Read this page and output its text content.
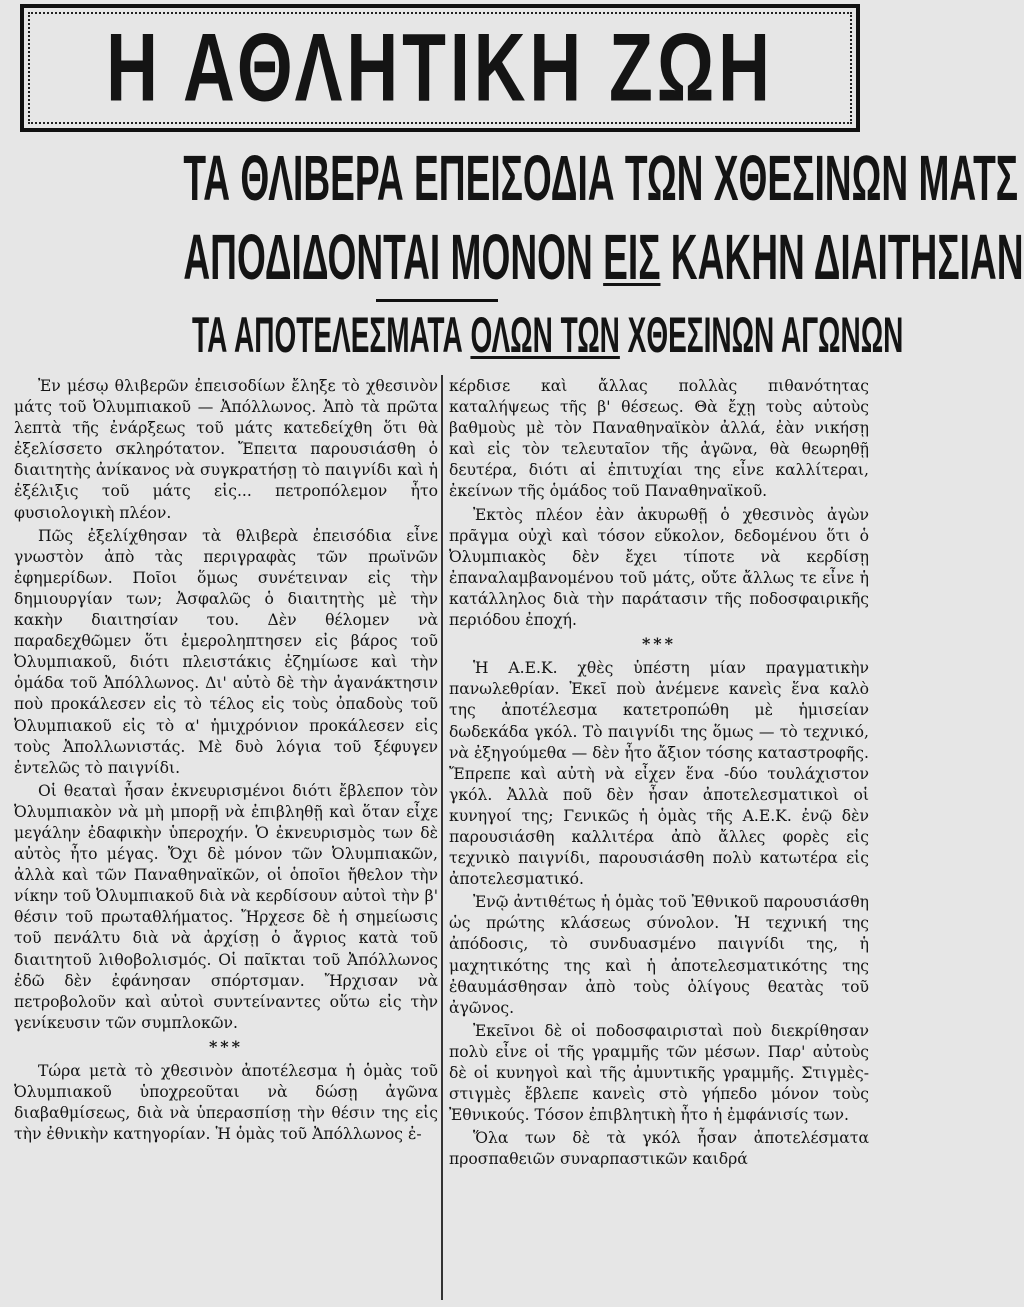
Η ΑΘΛΗΤΙΚΗ ΖΩΗ
ΤΑ ΘΛΙΒΕΡΑ ΕΠΕΙΣΟΔΙΑ ΤΩΝ ΧΘΕΣΙΝΩΝ ΜΑΤΣ
ΑΠΟΔΙΔΟΝΤΑΙ ΜΟΝΟΝ ΕΙΣ ΚΑΚΗΝ ΔΙΑΙΤΗΣΙΑΝ
ΤΑ ΑΠΟΤΕΛΕΣΜΑΤΑ ΟΛΩΝ ΤΩΝ ΧΘΕΣΙΝΩΝ ΑΓΩΝΩΝ

Ἐν μέσῳ θλιβερῶν ἐπεισοδίων ἔληξε τὸ χθεσινὸν μάτς τοῦ Ὀλυμπιακοῦ — Ἀπόλλωνος. Ἀπὸ τὰ πρῶτα λεπτὰ τῆς ἐνάρξεως τοῦ μάτς κατεδείχθη ὅτι θὰ ἐξελίσσετο σκληρότατον. Ἔπειτα παρουσιάσθη ὁ διαιτητὴς ἀνίκανος νὰ συγκρατήσῃ τὸ παιγνίδι καὶ ἡ ἐξέλιξις τοῦ μάτς εἰς... πετροπόλεμον ἦτο φυσιολογικὴ πλέον.

Πῶς ἐξελίχθησαν τὰ θλιβερὰ ἐπεισόδια εἶνε γνωστὸν ἀπὸ τὰς περιγραφὰς τῶν πρωϊνῶν ἐφημερίδων. Ποῖοι ὅμως συνέτειναν εἰς τὴν δημιουργίαν των; Ἀσφαλῶς ὁ διαιτητὴς μὲ τὴν κακὴν διαιτησίαν του. Δὲν θέλομεν νὰ παραδεχθῶμεν ὅτι ἐμεροληπτησεν εἰς βάρος τοῦ Ὀλυμπιακοῦ, διότι πλειστάκις ἐζημίωσε καὶ τὴν ὁμάδα τοῦ Ἀπόλλωνος. Δι' αὐτὸ δὲ τὴν ἀγανάκτησιν ποὺ προκάλεσεν εἰς τὸ τέλος εἰς τοὺς ὀπαδοὺς τοῦ Ὀλυμπιακοῦ εἰς τὸ α' ἡμιχρόνιον προκάλεσεν εἰς τοὺς Ἀπολλωνιστάς. Μὲ δυὸ λόγια τοῦ ξέφυγεν ἐντελῶς τὸ παιγνίδι.

Οἱ θεαταὶ ἦσαν ἐκνευρισμένοι διότι ἔβλεπον τὸν Ὀλυμπιακὸν νὰ μὴ μπορῇ νὰ ἐπιβληθῇ καὶ ὅταν εἶχε μεγάλην ἐδαφικὴν ὑπεροχήν. Ὁ ἐκνευρισμὸς των δὲ αὐτὸς ἦτο μέγας. Ὄχι δὲ μόνον τῶν Ὀλυμπιακῶν, ἀλλὰ καὶ τῶν Παναθηναϊκῶν, οἱ ὁποῖοι ἤθελον τὴν νίκην τοῦ Ὀλυμπιακοῦ διὰ νὰ κερδίσουν αὐτοὶ τὴν β' θέσιν τοῦ πρωταθλήματος. Ἤρχεσε δὲ ἡ σημείωσις τοῦ πενάλτυ διὰ νὰ ἀρχίσῃ ὁ ἄγριος κατὰ τοῦ διαιτητοῦ λιθοβολισμός. Οἱ παῖκται τοῦ Ἀπόλλωνος ἐδῶ δὲν ἐφάνησαν σπόρτσμαν. Ἤρχισαν νὰ πετροβολοῦν καὶ αὐτοὶ συντείναντες οὕτω εἰς τὴν γενίκευσιν τῶν συμπλοκῶν.

***

Τώρα μετὰ τὸ χθεσινὸν ἀποτέλεσμα ἡ ὁμὰς τοῦ Ὀλυμπιακοῦ ὑποχρεοῦται νὰ δώσῃ ἀγῶνα διαβαθμίσεως, διὰ νὰ ὑπερασπίσῃ τὴν θέσιν της εἰς τὴν ἐθνικὴν κατηγορίαν. Ἡ ὁμὰς τοῦ Ἀπόλλωνος ἐ-

κέρδισε καὶ ἄλλας πολλὰς πιθανότητας καταλήψεως τῆς β' θέσεως. Θὰ ἔχῃ τοὺς αὐτοὺς βαθμοὺς μὲ τὸν Παναθηναϊκὸν ἀλλά, ἐὰν νικήσῃ καὶ εἰς τὸν τελευταῖον τῆς ἀγῶνα, θὰ θεωρηθῇ δευτέρα, διότι αἱ ἐπιτυχίαι της εἶνε καλλίτεραι, ἐκείνων τῆς ὁμάδος τοῦ Παναθηναϊκοῦ.

Ἐκτὸς πλέον ἐὰν ἀκυρωθῇ ὁ χθεσινὸς ἀγὼν πρᾶγμα οὐχὶ καὶ τόσον εὔκολον, δεδομένου ὅτι ὁ Ὀλυμπιακὸς δὲν ἔχει τίποτε νὰ κερδίσῃ ἐπαναλαμβανομένου τοῦ μάτς, οὔτε ἄλλως τε εἶνε ἡ κατάλληλος διὰ τὴν παράτασιν τῆς ποδοσφαιρικῆς περιόδου ἐποχή.

***

Ἡ Α.Ε.Κ. χθὲς ὑπέστη μίαν πραγματικὴν πανωλεθρίαν. Ἐκεῖ ποὺ ἀνέμενε κανεὶς ἕνα καλὸ της ἀποτέλεσμα κατετροπώθη μὲ ἡμισείαν δωδεκάδα γκόλ. Τὸ παιγνίδι της ὅμως — τὸ τεχνικό, νὰ ἐξηγούμεθα — δὲν ἦτο ἄξιον τόσης καταστροφῆς. Ἔπρεπε καὶ αὐτὴ νὰ εἶχεν ἕνα -δύο τουλάχιστον γκόλ. Ἀλλὰ ποῦ δὲν ἦσαν ἀποτελεσματικοὶ οἱ κυνηγοί της; Γενικῶς ἡ ὁμὰς τῆς Α.Ε.Κ. ἐνῷ δὲν παρουσιάσθη καλλιτέρα ἀπὸ ἄλλες φορὲς εἰς τεχνικὸ παιγνίδι, παρουσιάσθη πολὺ κατωτέρα εἰς ἀποτελεσματικό.

Ἐνῷ ἀντιθέτως ἡ ὁμὰς τοῦ Ἐθνικοῦ παρουσιάσθη ὡς πρώτης κλάσεως σύνολον. Ἡ τεχνική της ἀπόδοσις, τὸ συνδυασμένο παιγνίδι της, ἡ μαχητικότης της καὶ ἡ ἀποτελεσματικότης της ἐθαυμάσθησαν ἀπὸ τοὺς ὀλίγους θεατὰς τοῦ ἀγῶνος.

Ἐκεῖνοι δὲ οἱ ποδοσφαιρισταὶ ποὺ διεκρίθησαν πολὺ εἶνε οἱ τῆς γραμμῆς τῶν μέσων. Παρ' αὐτοὺς δὲ οἱ κυνηγοὶ καὶ τῆς ἀμυντικῆς γραμμῆς. Στιγμὲς-στιγμὲς ἔβλεπε κανεὶς στὸ γήπεδο μόνον τοὺς Ἐθνικούς. Τόσον ἐπιβλητικὴ ἦτο ἡ ἐμφάνισίς των.

Ὅλα των δὲ τὰ γκόλ ἦσαν ἀποτελέσματα προσπαθειῶν συναρπαστικῶν καιδρά
